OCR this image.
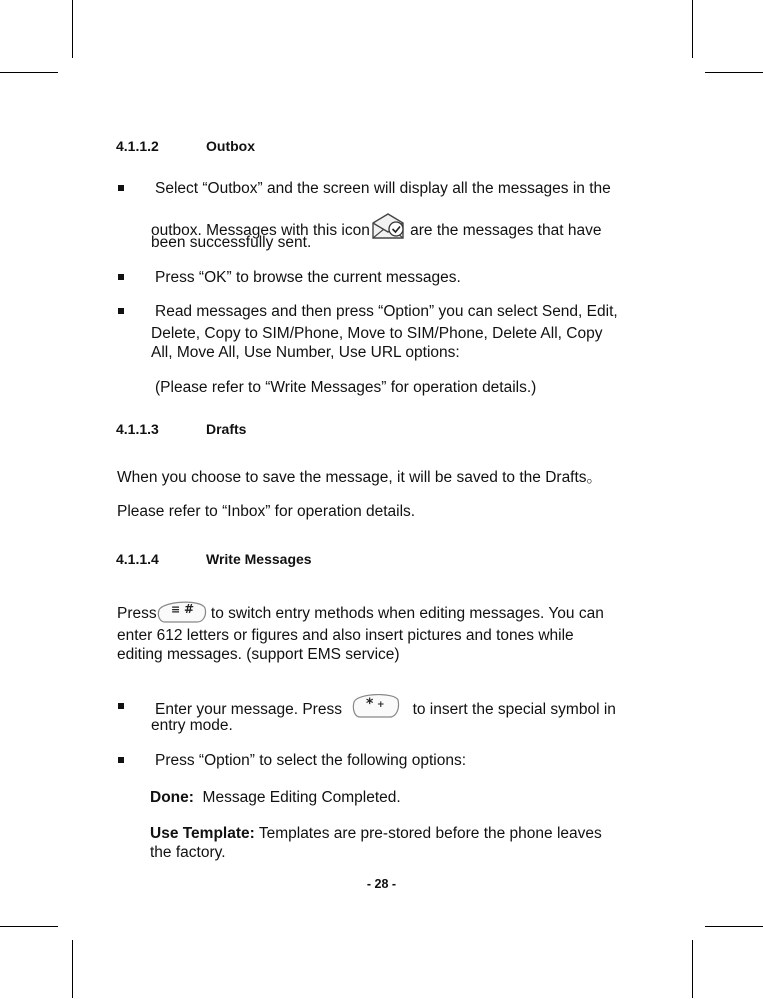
4.1.1.2	Outbox
Select “Outbox” and the screen will display all the messages in the
outbox. Messages with this icon are the messages that have
been successfully sent.
Press “OK” to browse the current messages.
Read messages and then press “Option” you can select Send, Edit,
Delete, Copy to SIM/Phone, Move to SIM/Phone, Delete All, Copy
All, Move All, Use Number, Use URL options:
(Please refer to “Write Messages” for operation details.)
4.1.1.3	Drafts
When you choose to save the message, it will be saved to the Drafts。
Please refer to “Inbox” for operation details.
4.1.1.4	Write Messages
Press ≡ # to switch entry methods when editing messages. You can
enter 612 letters or figures and also insert pictures and tones while
editing messages. (support EMS service)
Enter your message. Press * + to insert the special symbol in
entry mode.
Press “Option” to select the following options:
Done: Message Editing Completed.
Use Template: Templates are pre-stored before the phone leaves
the factory.
- 28 -
